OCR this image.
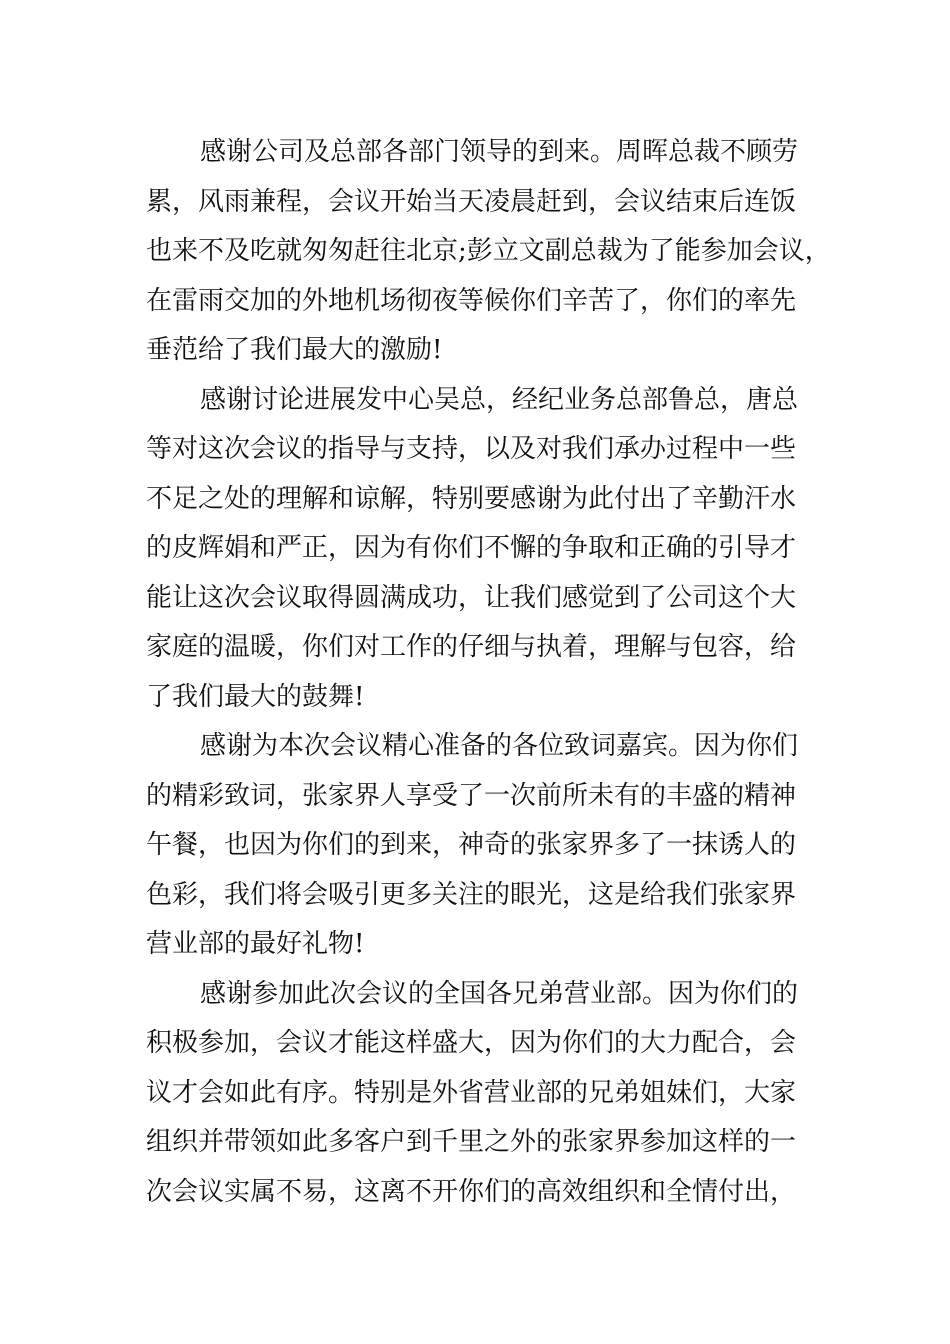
感谢公司及总部各部门领导的到来。周晖总裁不顾劳
累，风雨兼程，会议开始当天凌晨赶到，会议结束后连饭
也来不及吃就匆匆赶往北京;彭立文副总裁为了能参加会议，
在雷雨交加的外地机场彻夜等候你们辛苦了，你们的率先
垂范给了我们最大的激励!
感谢讨论进展发中心吴总，经纪业务总部鲁总，唐总
等对这次会议的指导与支持，以及对我们承办过程中一些
不足之处的理解和谅解，特别要感谢为此付出了辛勤汗水
的皮辉娟和严正，因为有你们不懈的争取和正确的引导才
能让这次会议取得圆满成功，让我们感觉到了公司这个大
家庭的温暖，你们对工作的仔细与执着，理解与包容，给
了我们最大的鼓舞!
感谢为本次会议精心准备的各位致词嘉宾。因为你们
的精彩致词，张家界人享受了一次前所未有的丰盛的精神
午餐，也因为你们的到来，神奇的张家界多了一抹诱人的
色彩，我们将会吸引更多关注的眼光，这是给我们张家界
营业部的最好礼物!
感谢参加此次会议的全国各兄弟营业部。因为你们的
积极参加，会议才能这样盛大，因为你们的大力配合，会
议才会如此有序。特别是外省营业部的兄弟姐妹们，大家
组织并带领如此多客户到千里之外的张家界参加这样的一
次会议实属不易，这离不开你们的高效组织和全情付出，
